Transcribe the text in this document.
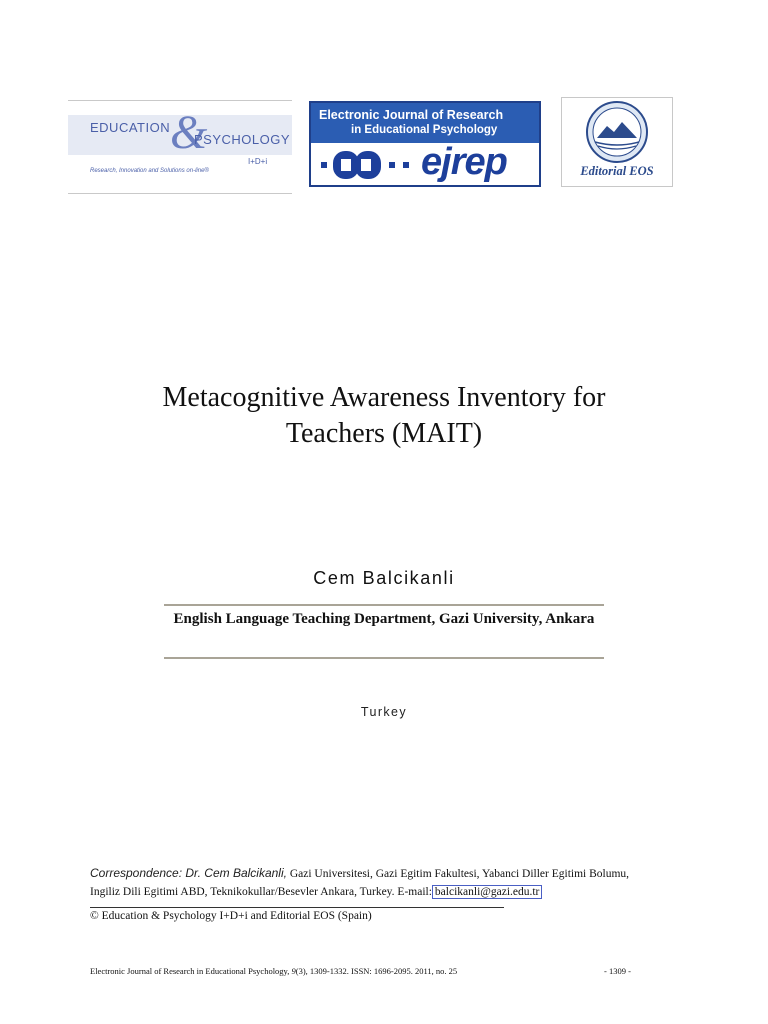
EDUCATION &
PSYCHOLOGY
I+D+i
Research, Innovation and Solutions on-line®
Electronic Journal of Research
in Educational Psychology
ejrep	Editorial EOS
Metacognitive Awareness Inventory for
Teachers (MAIT)
Cem Balcikanli
English Language Teaching Department, Gazi University, Ankara
Turkey
Correspondence: Dr. Cem Balcikanli, Gazi Universitesi, Gazi Egitim Fakultesi, Yabanci Diller Egitimi Bolumu,
Ingiliz Dili Egitimi ABD, Teknikokullar/Besevler Ankara, Turkey. E-mail: balcikanli@gazi.edu.tr
© Education & Psychology I+D+i and Editorial EOS (Spain)
Electronic Journal of Research in Educational Psychology, 9(3), 1309-1332. ISSN: 1696-2095. 2011, no. 25	- 1309 -
